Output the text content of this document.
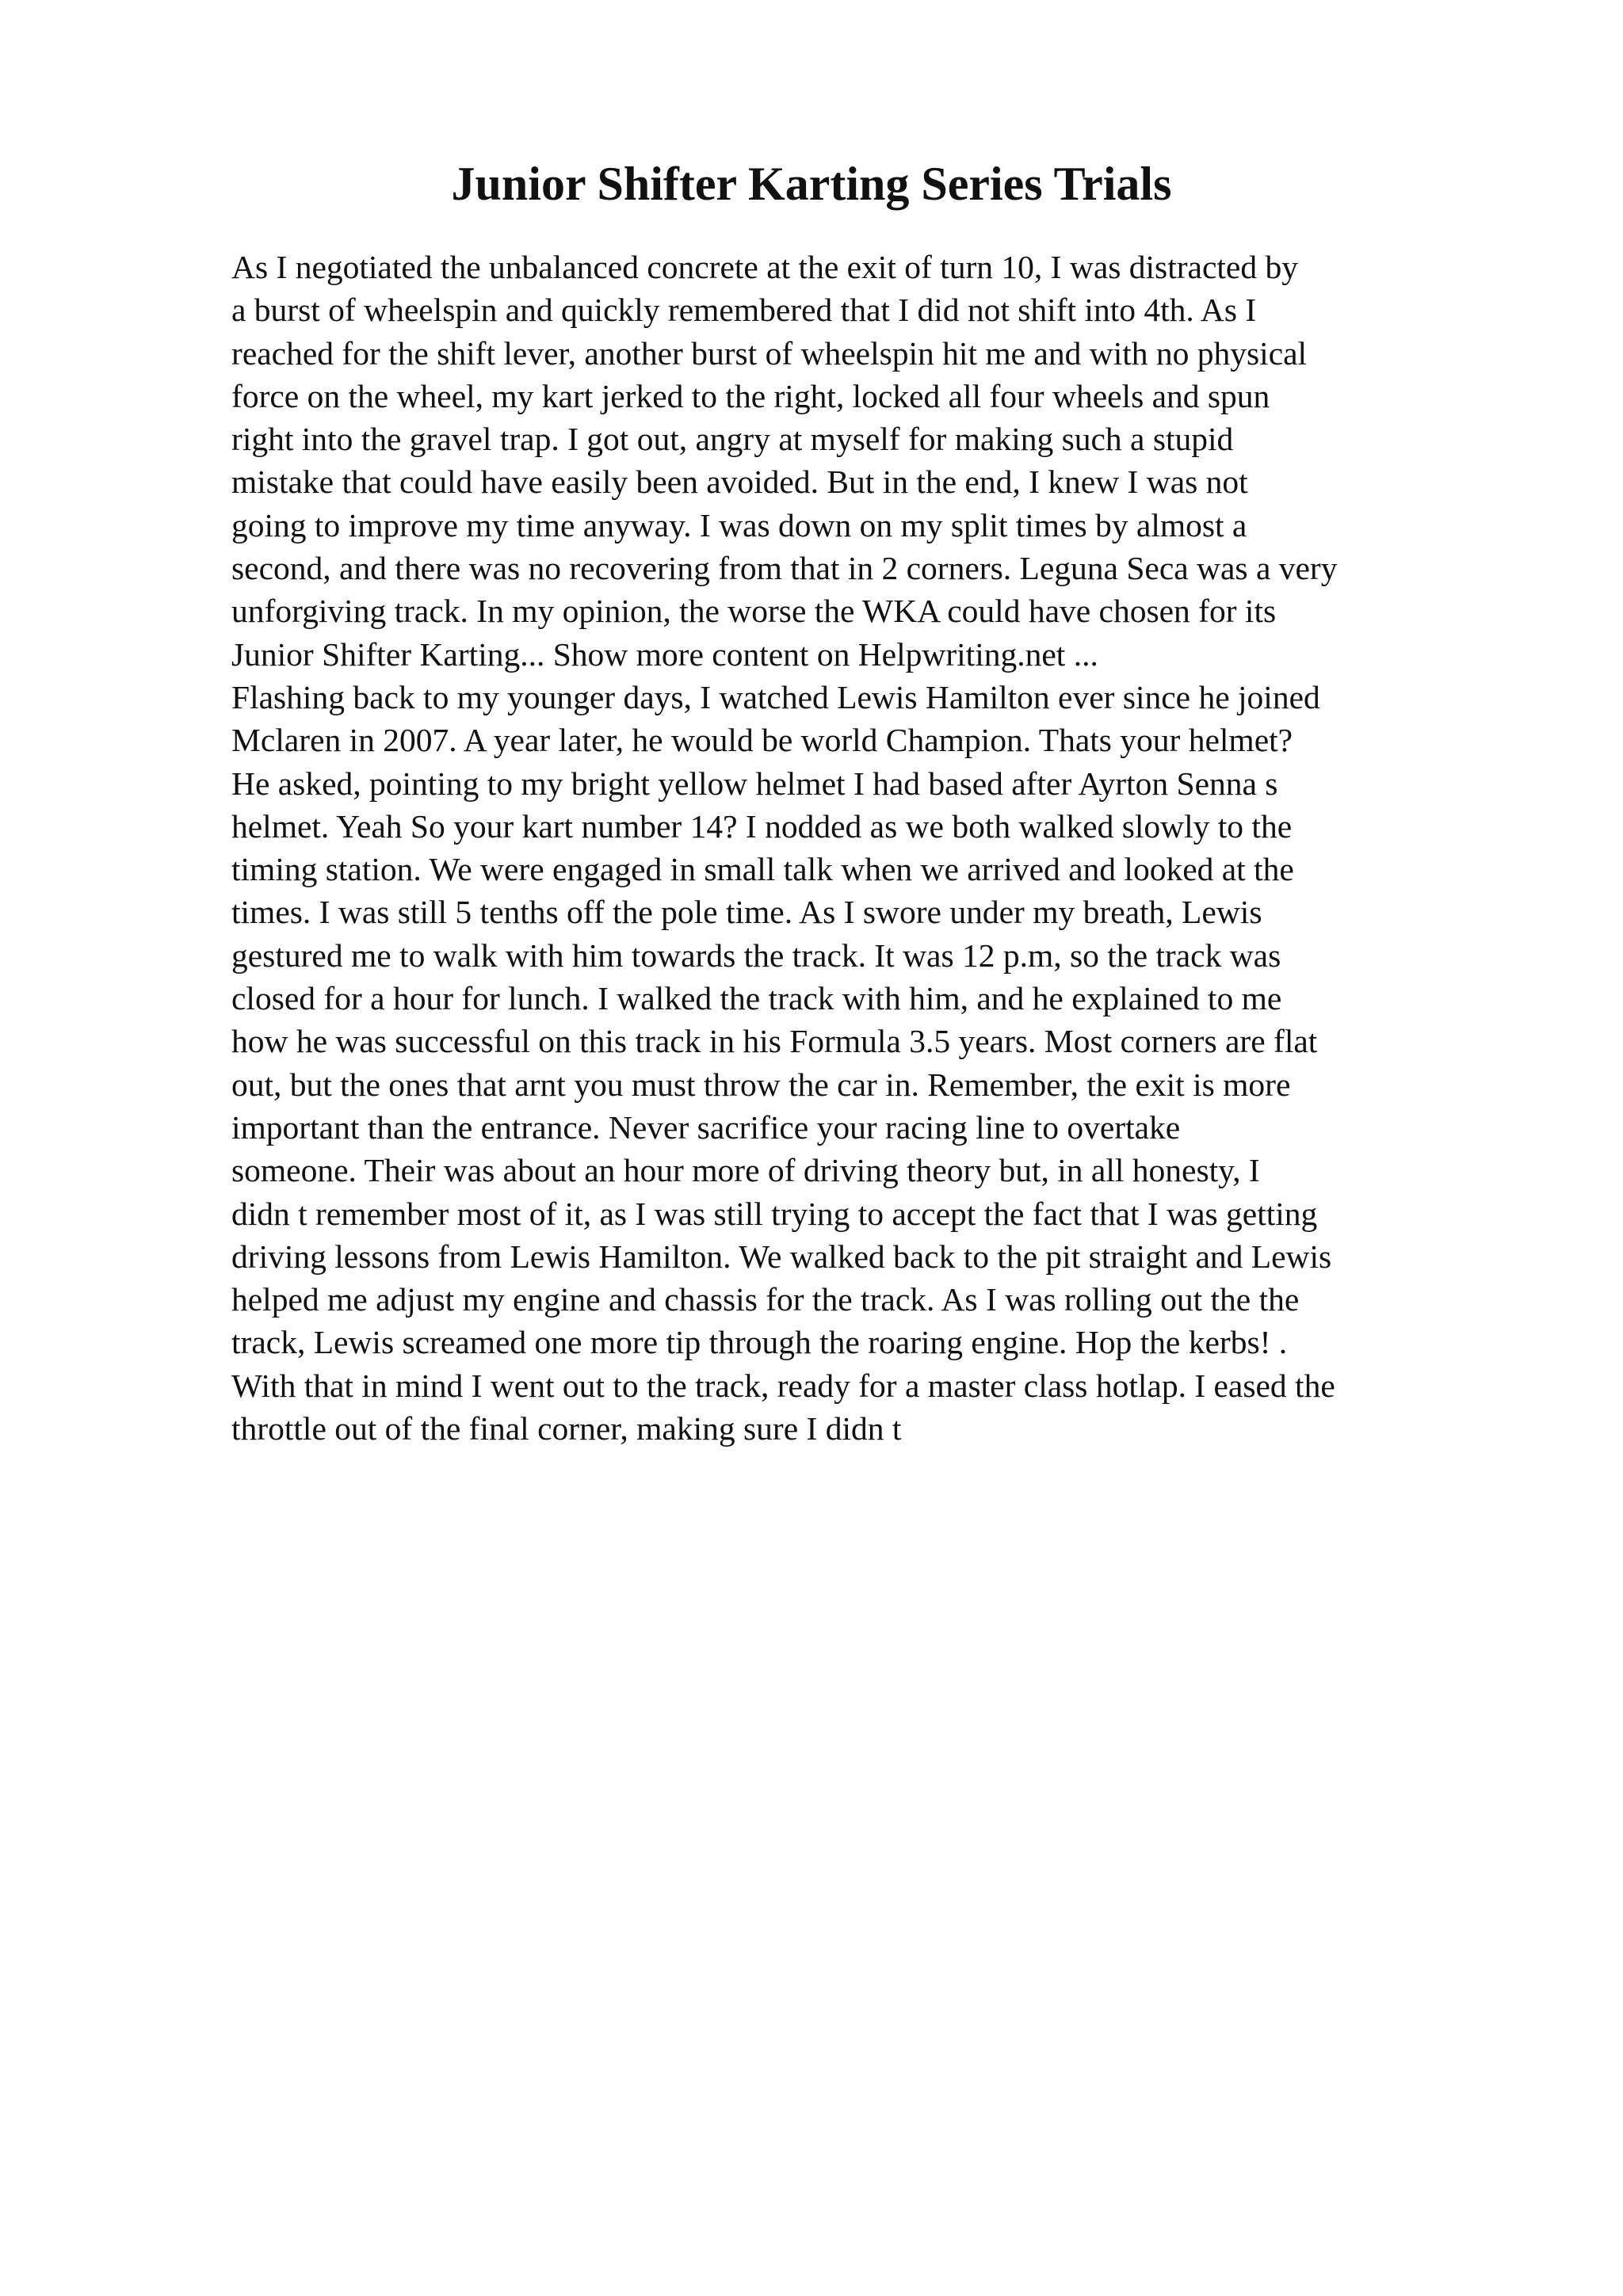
Junior Shifter Karting Series Trials
As I negotiated the unbalanced concrete at the exit of turn 10, I was distracted by
a burst of wheelspin and quickly remembered that I did not shift into 4th. As I
reached for the shift lever, another burst of wheelspin hit me and with no physical
force on the wheel, my kart jerked to the right, locked all four wheels and spun
right into the gravel trap. I got out, angry at myself for making such a stupid
mistake that could have easily been avoided. But in the end, I knew I was not
going to improve my time anyway. I was down on my split times by almost a
second, and there was no recovering from that in 2 corners. Leguna Seca was a very
unforgiving track. In my opinion, the worse the WKA could have chosen for its
Junior Shifter Karting... Show more content on Helpwriting.net ...
Flashing back to my younger days, I watched Lewis Hamilton ever since he joined
Mclaren in 2007. A year later, he would be world Champion. Thats your helmet?
He asked, pointing to my bright yellow helmet I had based after Ayrton Senna s
helmet. Yeah So your kart number 14? I nodded as we both walked slowly to the
timing station. We were engaged in small talk when we arrived and looked at the
times. I was still 5 tenths off the pole time. As I swore under my breath, Lewis
gestured me to walk with him towards the track. It was 12 p.m, so the track was
closed for a hour for lunch. I walked the track with him, and he explained to me
how he was successful on this track in his Formula 3.5 years. Most corners are flat
out, but the ones that arnt you must throw the car in. Remember, the exit is more
important than the entrance. Never sacrifice your racing line to overtake
someone. Their was about an hour more of driving theory but, in all honesty, I
didn t remember most of it, as I was still trying to accept the fact that I was getting
driving lessons from Lewis Hamilton. We walked back to the pit straight and Lewis
helped me adjust my engine and chassis for the track. As I was rolling out the the
track, Lewis screamed one more tip through the roaring engine. Hop the kerbs! .
With that in mind I went out to the track, ready for a master class hotlap. I eased the
throttle out of the final corner, making sure I didn t
